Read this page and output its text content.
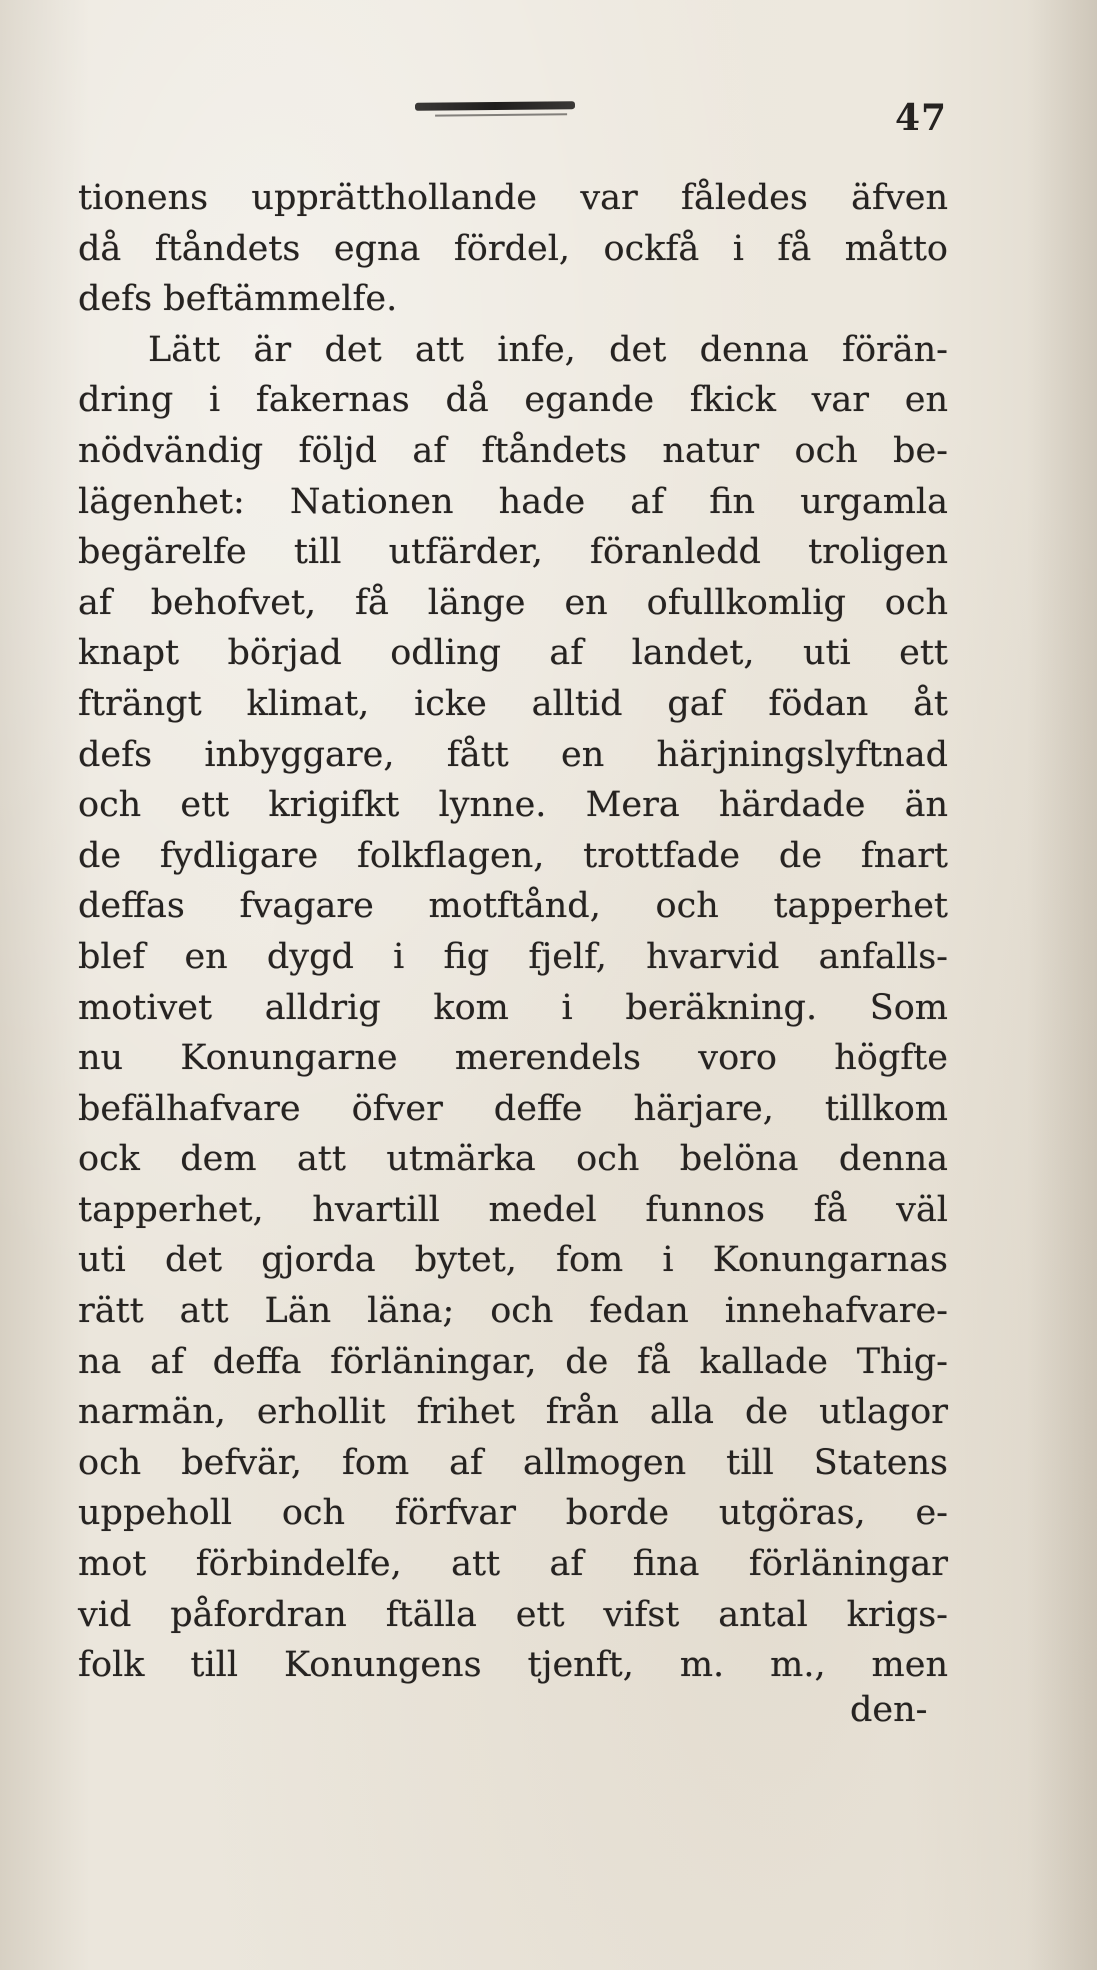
47
tionens upprätthollande var fåledes äfven
då ftåndets egna fördel, ockfå i få måtto
defs beftämmelfe.
Lätt är det att infe, det denna förän-
dring i fakernas då egande fkick var en
nödvändig följd af ftåndets natur och be-
lägenhet: Nationen hade af fin urgamla
begärelfe till utfärder, föranledd troligen
af behofvet, få länge en ofullkomlig och
knapt börjad odling af landet, uti ett
fträngt klimat, icke alltid gaf födan åt
defs inbyggare, fått en härjningslyftnad
och ett krigifkt lynne. Mera härdade än
de fydligare folkflagen, trottfade de fnart
deffas fvagare motftånd, och tapperhet
blef en dygd i fig fjelf, hvarvid anfalls-
motivet alldrig kom i beräkning. Som
nu Konungarne merendels voro högfte
befälhafvare öfver deffe härjare, tillkom
ock dem att utmärka och belöna denna
tapperhet, hvartill medel funnos få väl
uti det gjorda bytet, fom i Konungarnas
rätt att Län läna; och fedan innehafvare-
na af deffa förläningar, de få kallade Thig-
narmän, erhollit frihet från alla de utlagor
och befvär, fom af allmogen till Statens
uppeholl och förfvar borde utgöras, e-
mot förbindelfe, att af fina förläningar
vid påfordran ftälla ett vifst antal krigs-
folk till Konungens tjenft, m. m., men
den-
